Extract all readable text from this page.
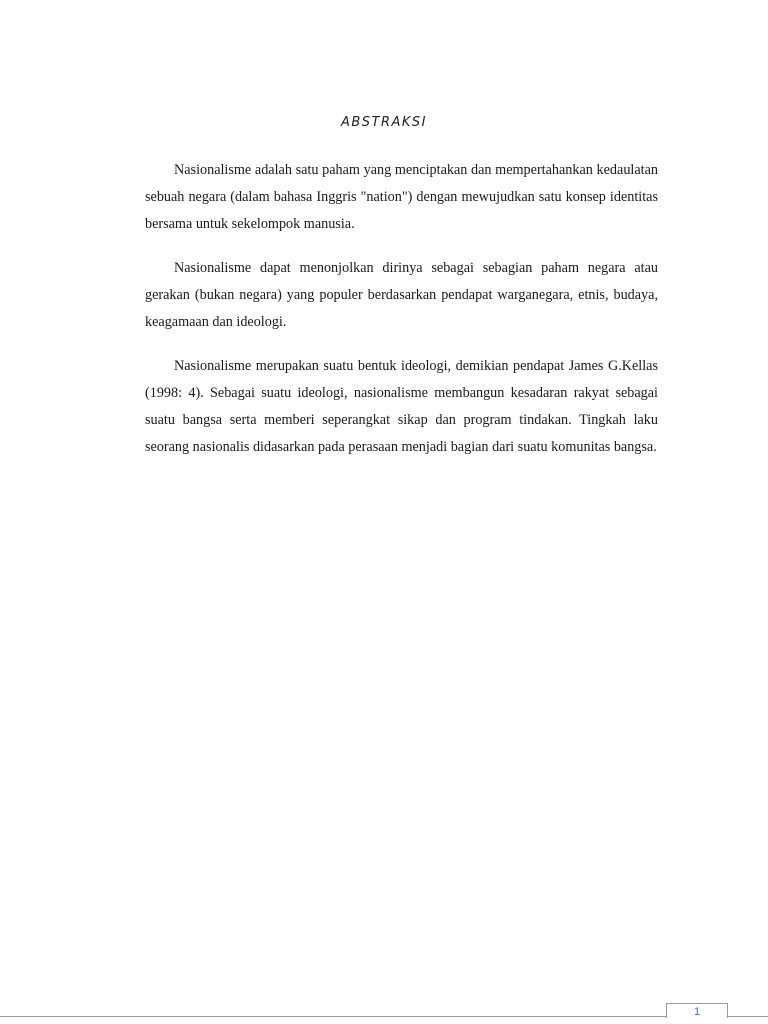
ABSTRAKSI

Nasionalisme adalah satu paham yang menciptakan dan mempertahankan kedaulatan sebuah negara (dalam bahasa Inggris "nation") dengan mewujudkan satu konsep identitas bersama untuk sekelompok manusia.

Nasionalisme dapat menonjolkan dirinya sebagai sebagian paham negara atau gerakan (bukan negara) yang populer berdasarkan pendapat warganegara, etnis, budaya, keagamaan dan ideologi.

Nasionalisme merupakan suatu bentuk ideologi, demikian pendapat James G.Kellas (1998: 4). Sebagai suatu ideologi, nasionalisme membangun kesadaran rakyat sebagai suatu bangsa serta memberi seperangkat sikap dan program tindakan. Tingkah laku seorang nasionalis didasarkan pada perasaan menjadi bagian dari suatu komunitas bangsa.

1
